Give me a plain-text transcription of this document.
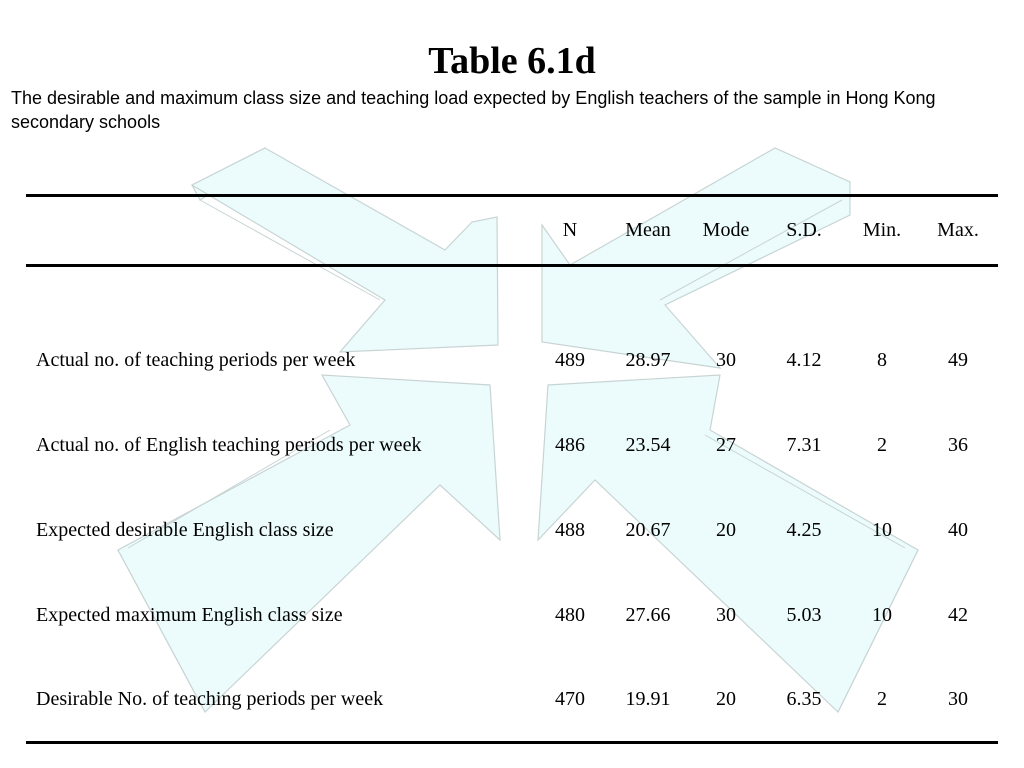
Table 6.1d
The desirable and maximum class size and teaching load expected by English teachers of the sample in Hong Kong secondary schools
	N	Mean	Mode	S.D.	Min.	Max.
Actual no. of teaching periods per week	489	28.97	30	4.12	8	49
Actual no. of English teaching periods per week	486	23.54	27	7.31	2	36
Expected desirable English class size	488	20.67	20	4.25	10	40
Expected maximum English class size	480	27.66	30	5.03	10	42
Desirable No. of teaching periods per week	470	19.91	20	6.35	2	30
